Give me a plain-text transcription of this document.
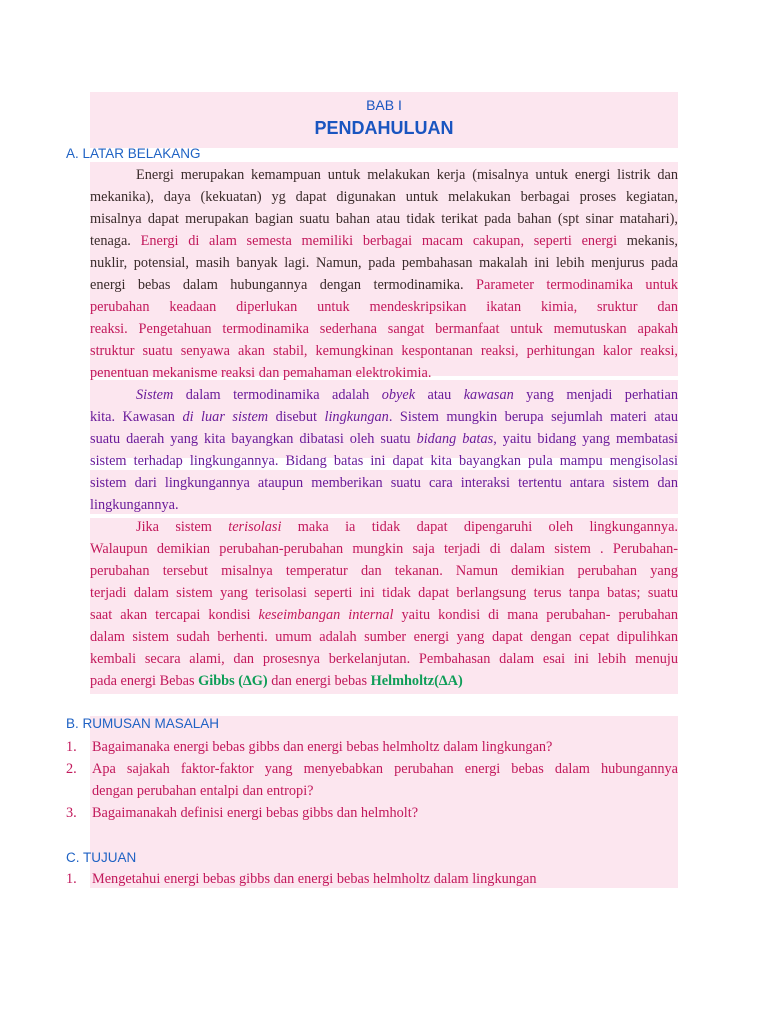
BAB I
PENDAHULUAN
A. LATAR BELAKANG
Energi merupakan kemampuan untuk melakukan kerja (misalnya untuk energi listrik dan
mekanika), daya (kekuatan) yg dapat digunakan untuk melakukan berbagai proses kegiatan,
misalnya dapat merupakan bagian suatu bahan atau tidak terikat pada bahan (spt sinar matahari),
tenaga. Energi di alam semesta memiliki berbagai macam cakupan, seperti energi mekanis,
nuklir, potensial, masih banyak lagi. Namun, pada pembahasan makalah ini lebih menjurus pada
energi bebas dalam hubungannya dengan termodinamika. Parameter termodinamika untuk
perubahan keadaan diperlukan untuk mendeskripsikan ikatan kimia, sruktur dan
reaksi. Pengetahuan termodinamika sederhana sangat bermanfaat untuk memutuskan apakah
struktur suatu senyawa akan stabil, kemungkinan kespontanan reaksi, perhitungan kalor reaksi,
penentuan mekanisme reaksi dan pemahaman elektrokimia.
Sistem dalam termodinamika adalah obyek atau kawasan yang menjadi perhatian
kita. Kawasan di luar sistem disebut lingkungan. Sistem mungkin berupa sejumlah materi atau
suatu daerah yang kita bayangkan dibatasi oleh suatu bidang batas, yaitu bidang yang membatasi
sistem terhadap lingkungannya. Bidang batas ini dapat kita bayangkan pula mampu mengisolasi
sistem dari lingkungannya ataupun memberikan suatu cara interaksi tertentu antara sistem dan
lingkungannya.
Jika sistem terisolasi maka ia tidak dapat dipengaruhi oleh lingkungannya.
Walaupun demikian perubahan-perubahan mungkin saja terjadi di dalam sistem . Perubahan-
perubahan tersebut misalnya temperatur dan tekanan. Namun demikian perubahan yang
terjadi dalam sistem yang terisolasi seperti ini tidak dapat berlangsung terus tanpa batas; suatu
saat akan tercapai kondisi keseimbangan internal yaitu kondisi di mana perubahan- perubahan
dalam sistem sudah berhenti. umum adalah sumber energi yang dapat dengan cepat dipulihkan
kembali secara alami, dan prosesnya berkelanjutan. Pembahasan dalam esai ini lebih menuju
pada energi Bebas Gibbs (∆G) dan energi bebas Helmholtz(∆A)
B. RUMUSAN MASALAH
1. Bagaimanaka energi bebas gibbs dan energi bebas helmholtz dalam lingkungan?
2.	Apa sajakah faktor-faktor yang menyebabkan perubahan energi bebas dalam hubungannya
dengan perubahan entalpi dan entropi?
3. Bagaimanakah definisi energi bebas gibbs dan helmholt?
C. TUJUAN
1. Mengetahui energi bebas gibbs dan energi bebas helmholtz dalam lingkungan
